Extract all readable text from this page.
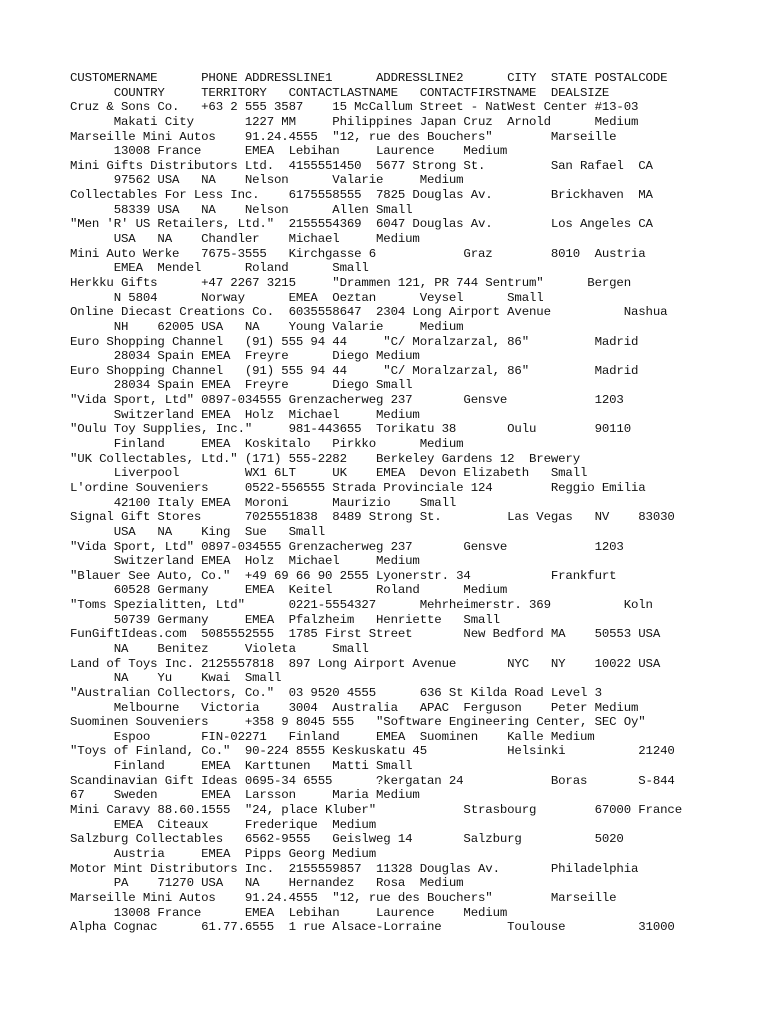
CUSTOMERNAME      PHONE ADDRESSLINE1      ADDRESSLINE2      CITY  STATE POSTALCODE
COUNTRY     TERRITORY   CONTACTLASTNAME   CONTACTFIRSTNAME  DEALSIZE
Cruz & Sons Co.   +63 2 555 3587    15 McCallum Street - NatWest Center #13-03
Makati City       1227 MM     Philippines Japan Cruz  Arnold      Medium
Marseille Mini Autos    91.24.4555  "12, rue des Bouchers"        Marseille
13008 France      EMEA  Lebihan     Laurence    Medium
Mini Gifts Distributors Ltd.  4155551450  5677 Strong St.         San Rafael  CA
97562 USA   NA    Nelson      Valarie     Medium
Collectables For Less Inc.    6175558555  7825 Douglas Av.        Brickhaven  MA
58339 USA   NA    Nelson      Allen Small
"Men 'R' US Retailers, Ltd."  2155554369  6047 Douglas Av.        Los Angeles CA
USA   NA    Chandler    Michael     Medium
Mini Auto Werke   7675-3555   Kirchgasse 6            Graz        8010  Austria
EMEA  Mendel      Roland      Small
Herkku Gifts      +47 2267 3215     "Drammen 121, PR 744 Sentrum"      Bergen
N 5804      Norway      EMEA  Oeztan      Veysel      Small
Online Diecast Creations Co.  6035558647  2304 Long Airport Avenue          Nashua
NH    62005 USA   NA    Young Valarie     Medium
Euro Shopping Channel   (91) 555 94 44     "C/ Moralzarzal, 86"         Madrid
28034 Spain EMEA  Freyre      Diego Medium
Euro Shopping Channel   (91) 555 94 44     "C/ Moralzarzal, 86"         Madrid
28034 Spain EMEA  Freyre      Diego Small
"Vida Sport, Ltd" 0897-034555 Grenzacherweg 237       Gensve            1203
Switzerland EMEA  Holz  Michael     Medium
"Oulu Toy Supplies, Inc."     981-443655  Torikatu 38       Oulu        90110
Finland     EMEA  Koskitalo   Pirkko      Medium
"UK Collectables, Ltd." (171) 555-2282    Berkeley Gardens 12  Brewery
Liverpool         WX1 6LT     UK    EMEA  Devon Elizabeth   Small
L'ordine Souveniers     0522-556555 Strada Provinciale 124        Reggio Emilia
42100 Italy EMEA  Moroni      Maurizio    Small
Signal Gift Stores      7025551838  8489 Strong St.         Las Vegas   NV    83030
USA   NA    King  Sue   Small
"Vida Sport, Ltd" 0897-034555 Grenzacherweg 237       Gensve            1203
Switzerland EMEA  Holz  Michael     Medium
"Blauer See Auto, Co."  +49 69 66 90 2555 Lyonerstr. 34           Frankfurt
60528 Germany     EMEA  Keitel      Roland      Medium
"Toms Spezialitten, Ltd"      0221-5554327      Mehrheimerstr. 369          Koln
50739 Germany     EMEA  Pfalzheim   Henriette   Small
FunGiftIdeas.com  5085552555  1785 First Street       New Bedford MA    50553 USA
NA    Benitez     Violeta     Small
Land of Toys Inc. 2125557818  897 Long Airport Avenue       NYC   NY    10022 USA
NA    Yu    Kwai  Small
"Australian Collectors, Co."  03 9520 4555      636 St Kilda Road Level 3
Melbourne   Victoria    3004  Australia   APAC  Ferguson    Peter Medium
Suominen Souveniers     +358 9 8045 555   "Software Engineering Center, SEC Oy"
Espoo       FIN-02271   Finland     EMEA  Suominen    Kalle Medium
"Toys of Finland, Co."  90-224 8555 Keskuskatu 45           Helsinki          21240
Finland     EMEA  Karttunen   Matti Small
Scandinavian Gift Ideas 0695-34 6555      ?kergatan 24            Boras       S-844
67    Sweden      EMEA  Larsson     Maria Medium
Mini Caravy 88.60.1555  "24, place Kluber"            Strasbourg        67000 France
EMEA  Citeaux     Frederique  Medium
Salzburg Collectables   6562-9555   Geislweg 14       Salzburg          5020
Austria     EMEA  Pipps Georg Medium
Motor Mint Distributors Inc.  2155559857  11328 Douglas Av.       Philadelphia
PA    71270 USA   NA    Hernandez   Rosa  Medium
Marseille Mini Autos    91.24.4555  "12, rue des Bouchers"        Marseille
13008 France      EMEA  Lebihan     Laurence    Medium
Alpha Cognac      61.77.6555  1 rue Alsace-Lorraine         Toulouse          31000
